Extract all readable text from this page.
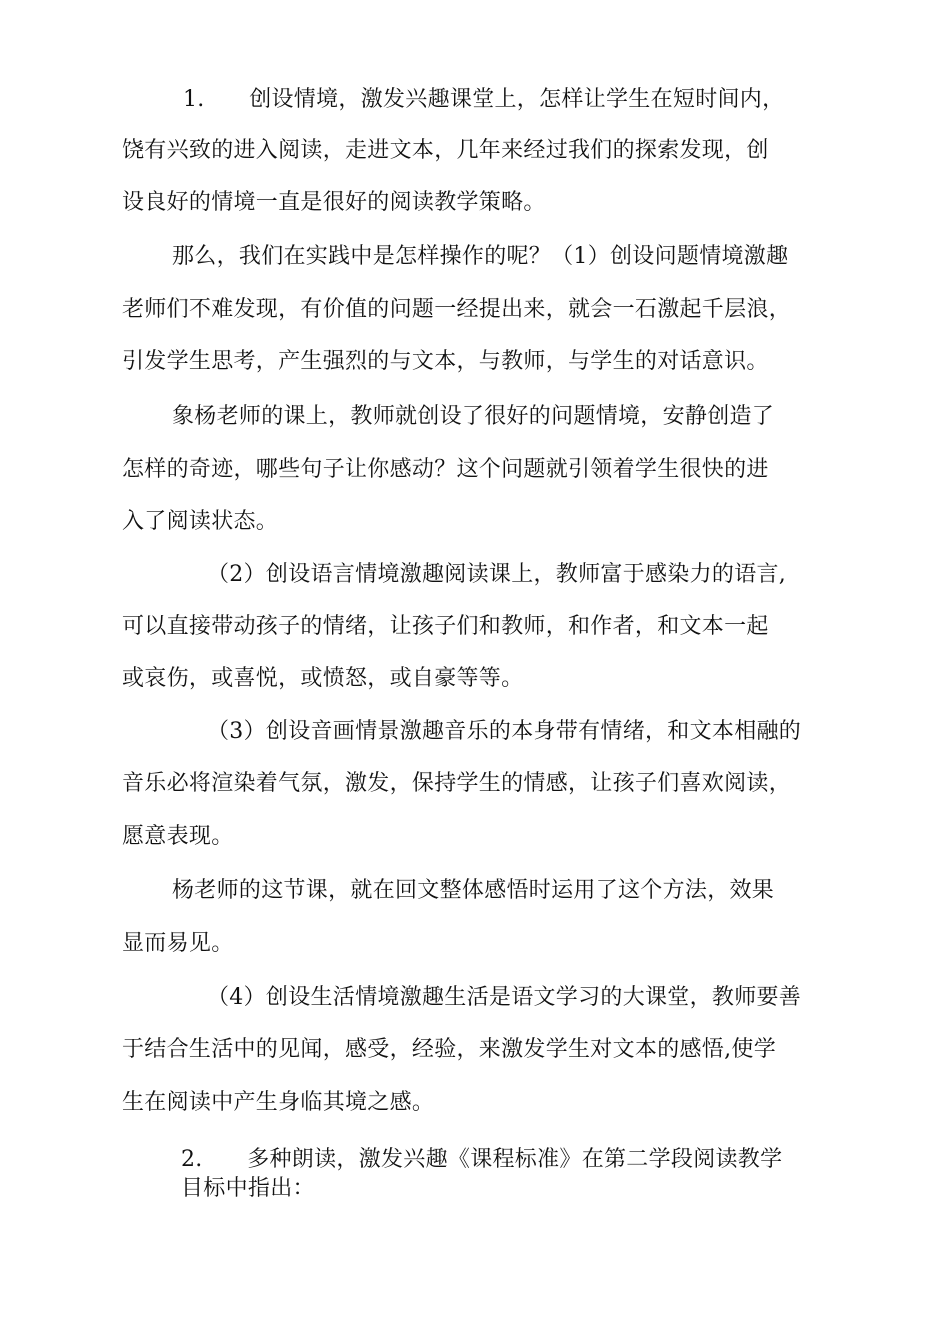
1.　　创设情境，激发兴趣课堂上，怎样让学生在短时间内，
饶有兴致的进入阅读，走进文本，几年来经过我们的探索发现，创
设良好的情境一直是很好的阅读教学策略。
那么，我们在实践中是怎样操作的呢？（1）创设问题情境激趣
老师们不难发现，有价值的问题一经提出来，就会一石激起千层浪，
引发学生思考，产生强烈的与文本，与教师，与学生的对话意识。
象杨老师的课上，教师就创设了很好的问题情境，安静创造了
怎样的奇迹，哪些句子让你感动？这个问题就引领着学生很快的进
入了阅读状态。
（2）创设语言情境激趣阅读课上，教师富于感染力的语言,
可以直接带动孩子的情绪，让孩子们和教师，和作者，和文本一起
或哀伤，或喜悦，或愤怒，或自豪等等。
（3）创设音画情景激趣音乐的本身带有情绪，和文本相融的
音乐必将渲染着气氛，激发，保持学生的情感，让孩子们喜欢阅读，
愿意表现。
杨老师的这节课，就在回文整体感悟时运用了这个方法，效果
显而易见。
（4）创设生活情境激趣生活是语文学习的大课堂，教师要善
于结合生活中的见闻，感受，经验，来激发学生对文本的感悟,使学
生在阅读中产生身临其境之感。
2.　　多种朗读，激发兴趣《课程标准》在第二学段阅读教学
目标中指出：
